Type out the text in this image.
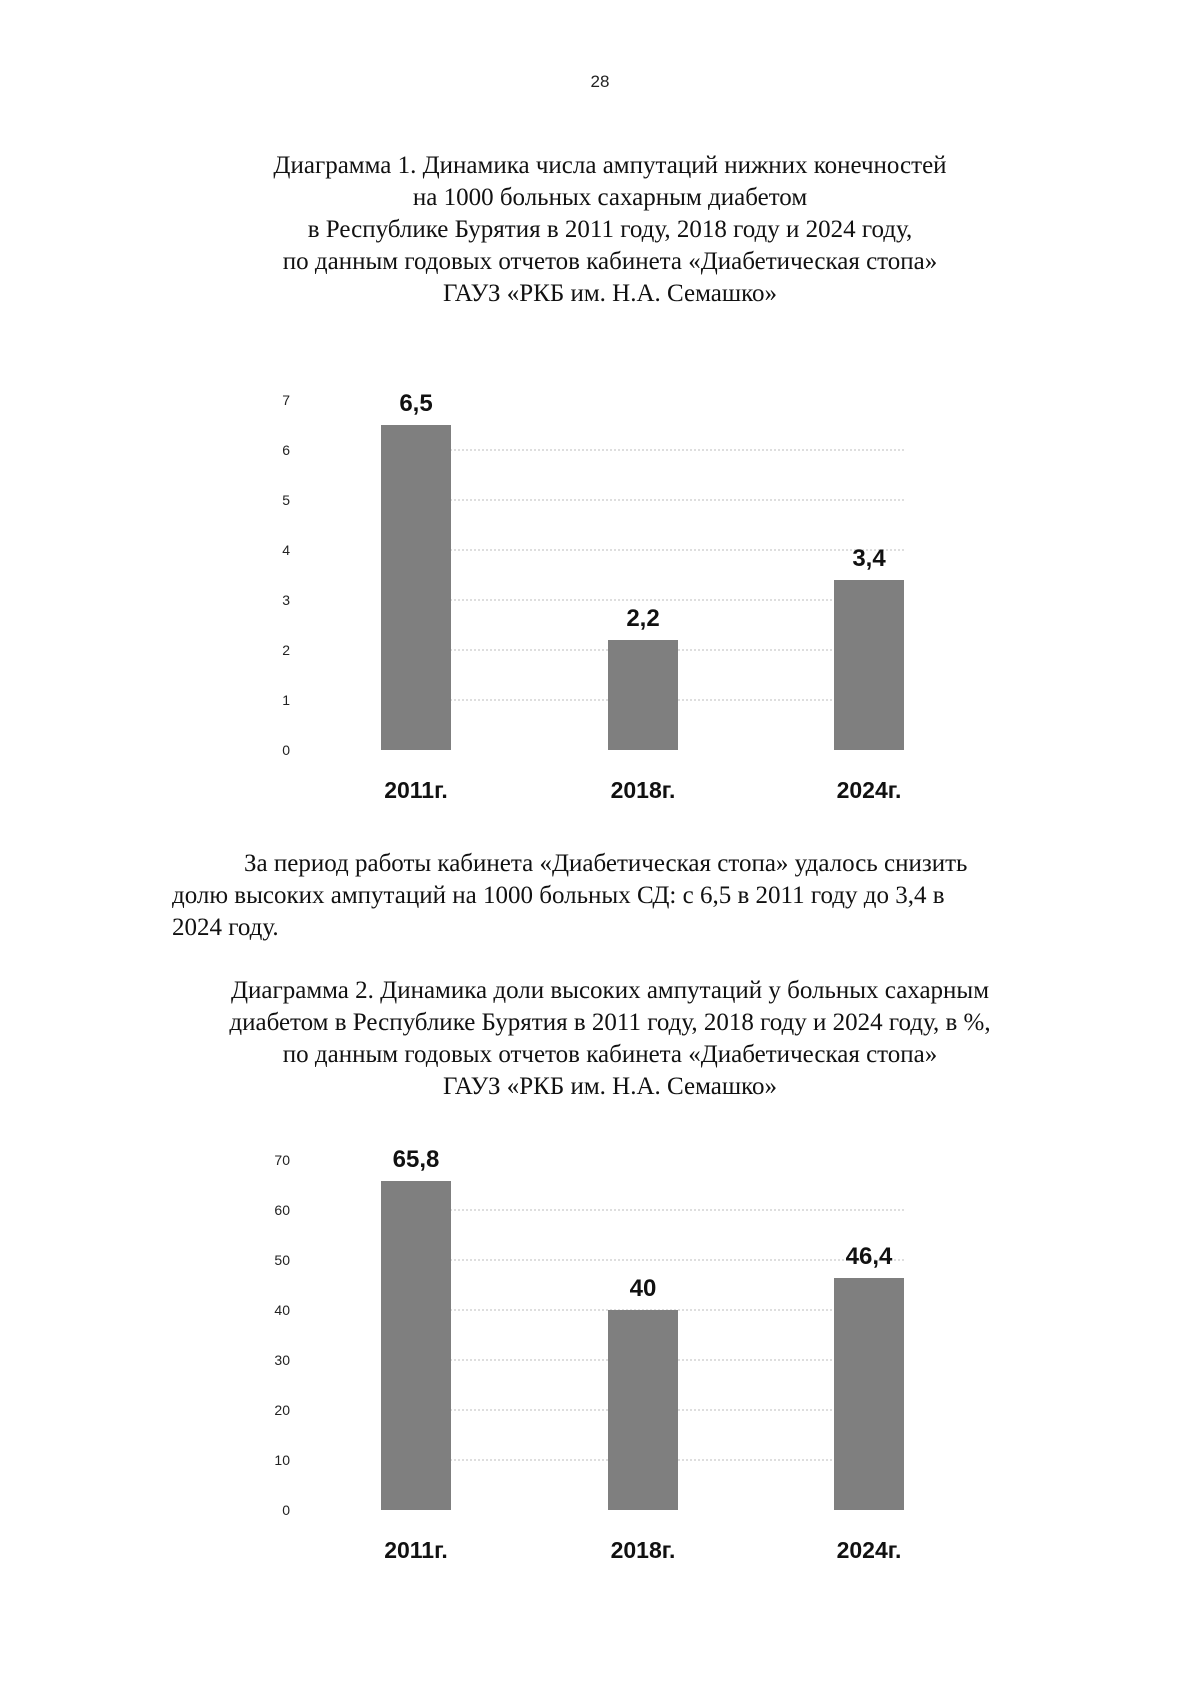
28
Диаграмма 1. Динамика числа ампутаций нижних конечностей
на 1000 больных сахарным диабетом
в Республике Бурятия в 2011 году, 2018 году и 2024 году,
по данным годовых отчетов кабинета «Диабетическая стопа»
ГАУЗ «РКБ им. Н.А. Семашко»
0
1
2
3
4
5
6
7	6,5
2011г.
2,2
2018г.
3,4
2024г.
За период работы кабинета «Диабетическая стопа» удалось снизить
долю высоких ампутаций на 1000 больных СД: с 6,5 в 2011 году до 3,4 в
2024 году.
Диаграмма 2. Динамика доли высоких ампутаций у больных сахарным
диабетом в Республике Бурятия в 2011 году, 2018 году и 2024 году, в %,
по данным годовых отчетов кабинета «Диабетическая стопа»
ГАУЗ «РКБ им. Н.А. Семашко»
0
10
20
30
40
50
60
70	65,8
2011г.
40
2018г.
46,4
2024г.
